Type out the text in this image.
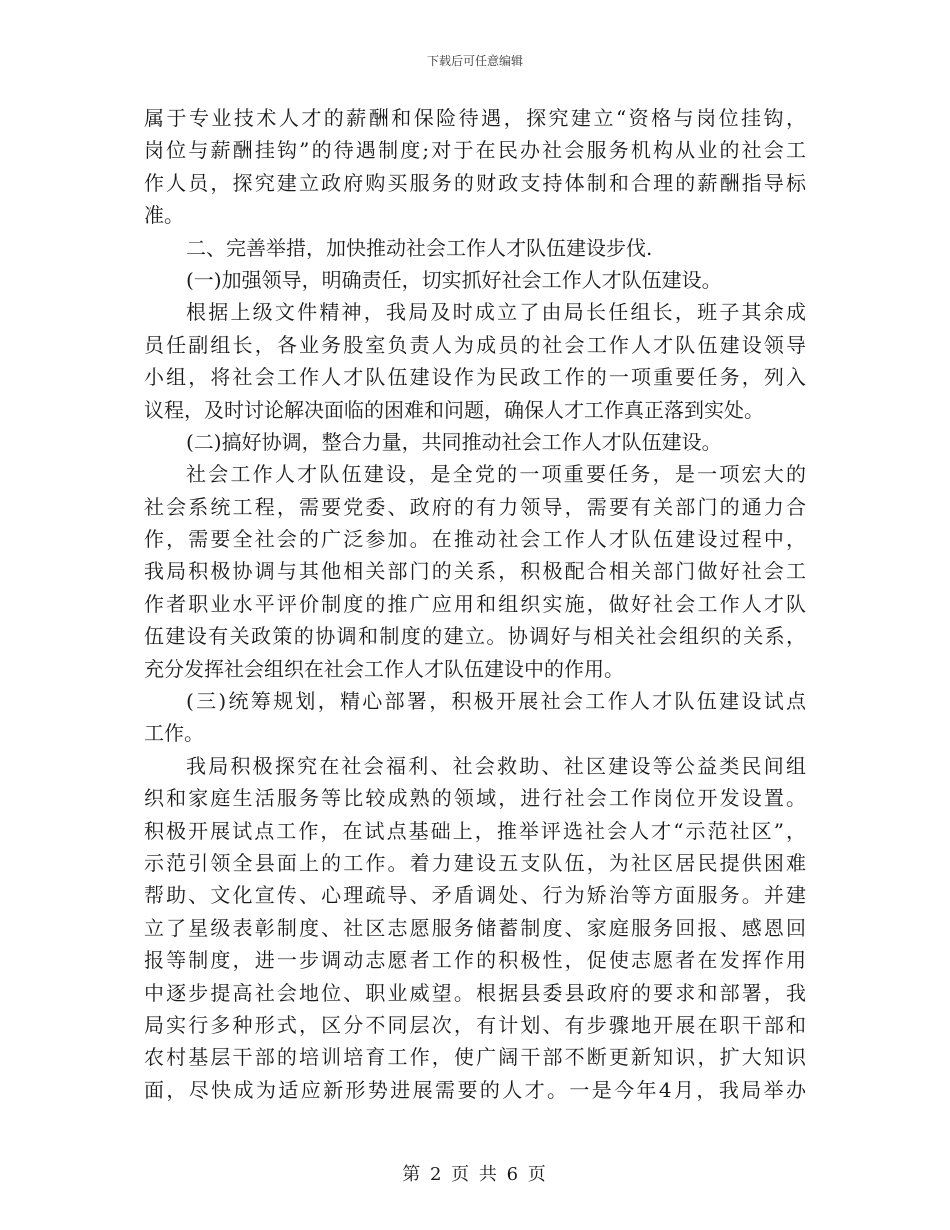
下载后可任意编辑
属于专业技术人才的薪酬和保险待遇，探究建立“资格与岗位挂钩，
岗位与薪酬挂钩”的待遇制度;对于在民办社会服务机构从业的社会工
作人员，探究建立政府购买服务的财政支持体制和合理的薪酬指导标
准。
二、完善举措，加快推动社会工作人才队伍建设步伐.
(一)加强领导，明确责任，切实抓好社会工作人才队伍建设。
根据上级文件精神，我局及时成立了由局长任组长，班子其余成
员任副组长，各业务股室负责人为成员的社会工作人才队伍建设领导
小组，将社会工作人才队伍建设作为民政工作的一项重要任务，列入
议程，及时讨论解决面临的困难和问题，确保人才工作真正落到实处。
(二)搞好协调，整合力量，共同推动社会工作人才队伍建设。
社会工作人才队伍建设，是全党的一项重要任务，是一项宏大的
社会系统工程，需要党委、政府的有力领导，需要有关部门的通力合
作，需要全社会的广泛参加。在推动社会工作人才队伍建设过程中，
我局积极协调与其他相关部门的关系，积极配合相关部门做好社会工
作者职业水平评价制度的推广应用和组织实施，做好社会工作人才队
伍建设有关政策的协调和制度的建立。协调好与相关社会组织的关系，
充分发挥社会组织在社会工作人才队伍建设中的作用。
(三)统筹规划，精心部署，积极开展社会工作人才队伍建设试点
工作。
我局积极探究在社会福利、社会救助、社区建设等公益类民间组
织和家庭生活服务等比较成熟的领域，进行社会工作岗位开发设置。
积极开展试点工作，在试点基础上，推举评选社会人才“示范社区”，
示范引领全县面上的工作。着力建设五支队伍，为社区居民提供困难
帮助、文化宣传、心理疏导、矛盾调处、行为矫治等方面服务。并建
立了星级表彰制度、社区志愿服务储蓄制度、家庭服务回报、感恩回
报等制度，进一步调动志愿者工作的积极性，促使志愿者在发挥作用
中逐步提高社会地位、职业威望。根据县委县政府的要求和部署，我
局实行多种形式，区分不同层次，有计划、有步骤地开展在职干部和
农村基层干部的培训培育工作，使广阔干部不断更新知识，扩大知识
面，尽快成为适应新形势进展需要的人才。一是今年4月，我局举办
第 2 页 共 6 页
